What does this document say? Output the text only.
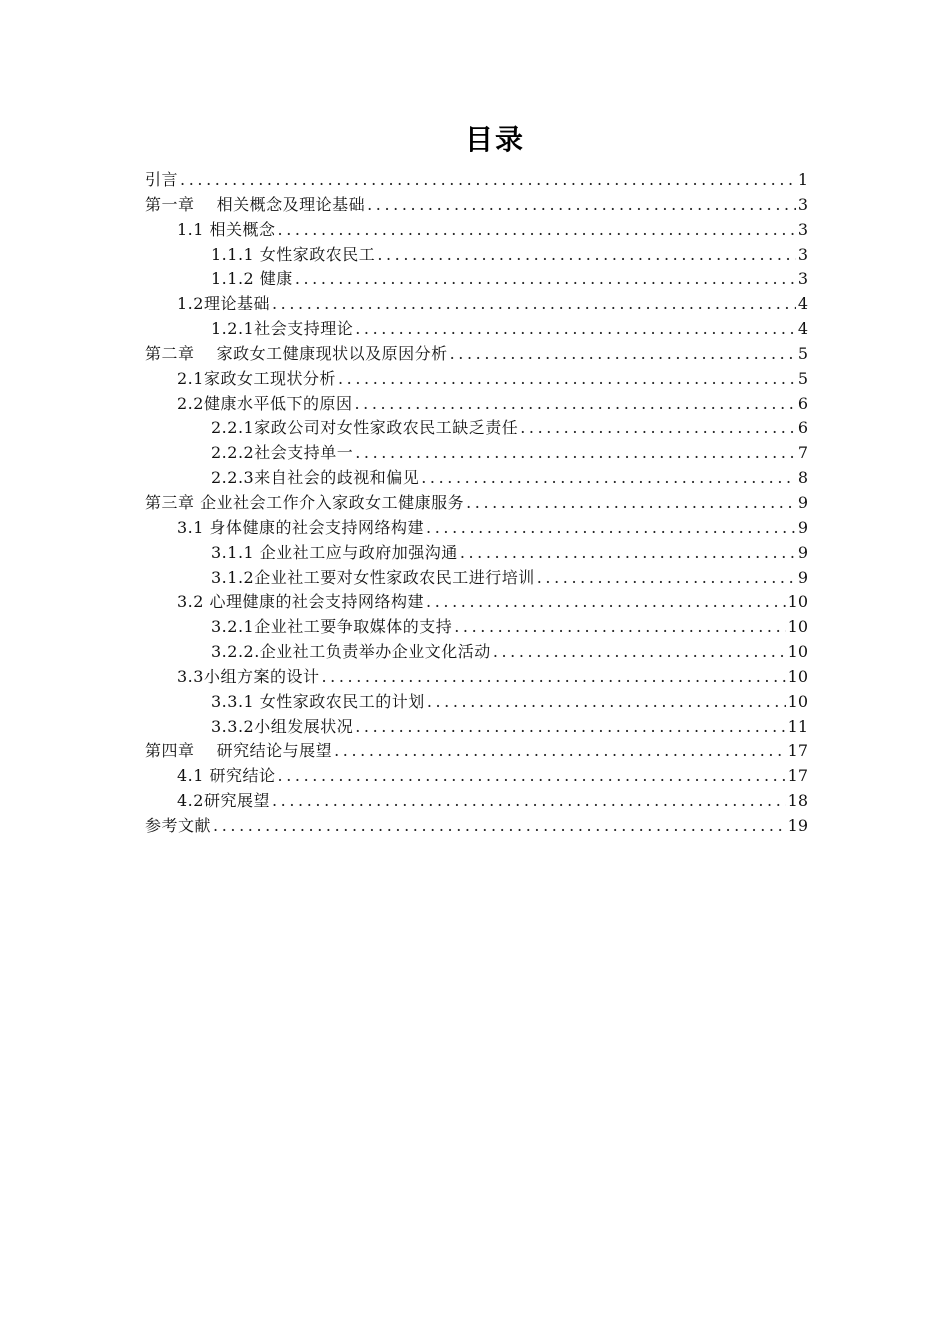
目录
引言 .....	1
第一章　 相关概念及理论基础 .....	3
1.1 相关概念 .....	3
1.1.1 女性家政农民工 .....	3
1.1.2 健康 .....	3
1.2理论基础 .....	4
1.2.1社会支持理论 .....	4
第二章　 家政女工健康现状以及原因分析 .....	5
2.1家政女工现状分析 .....	5
2.2健康水平低下的原因 .....	6
2.2.1家政公司对女性家政农民工缺乏责任 .....	6
2.2.2社会支持单一 .....	7
2.2.3来自社会的歧视和偏见 .....	8
第三章 企业社会工作介入家政女工健康服务 .....	9
3.1 身体健康的社会支持网络构建 .....	9
3.1.1 企业社工应与政府加强沟通 .....	9
3.1.2企业社工要对女性家政农民工进行培训 .....	9
3.2 心理健康的社会支持网络构建 .....	10
3.2.1企业社工要争取媒体的支持 .....	10
3.2.2.企业社工负责举办企业文化活动 .....	10
3.3小组方案的设计 .....	10
3.3.1 女性家政农民工的计划 .....	10
3.3.2小组发展状况 .....	11
第四章　 研究结论与展望 .....	17
4.1 研究结论 .....	17
4.2研究展望 .....	18
参考文献 .....	19
